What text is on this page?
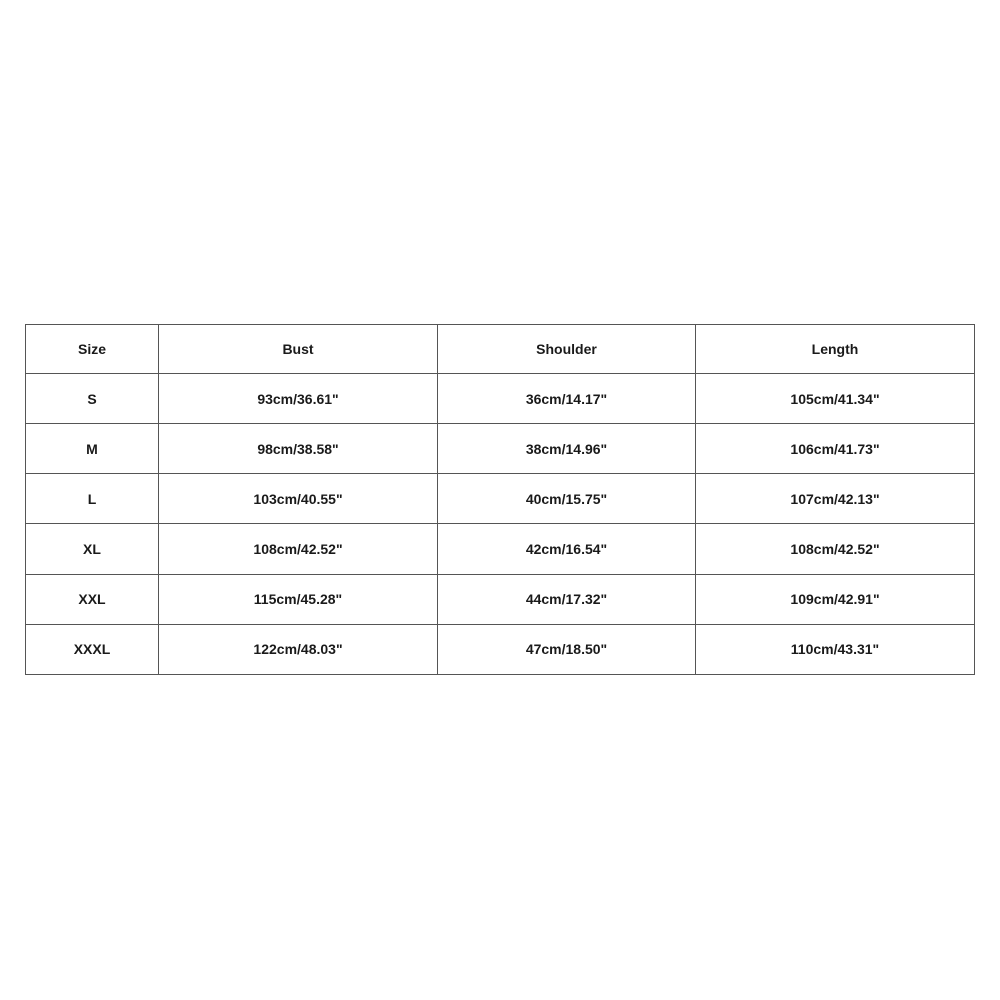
Size	Bust	Shoulder	Length
S	93cm/36.61"	36cm/14.17"	105cm/41.34"
M	98cm/38.58"	38cm/14.96"	106cm/41.73"
L	103cm/40.55"	40cm/15.75"	107cm/42.13"
XL	108cm/42.52"	42cm/16.54"	108cm/42.52"
XXL	115cm/45.28"	44cm/17.32"	109cm/42.91"
XXXL	122cm/48.03"	47cm/18.50"	110cm/43.31"
